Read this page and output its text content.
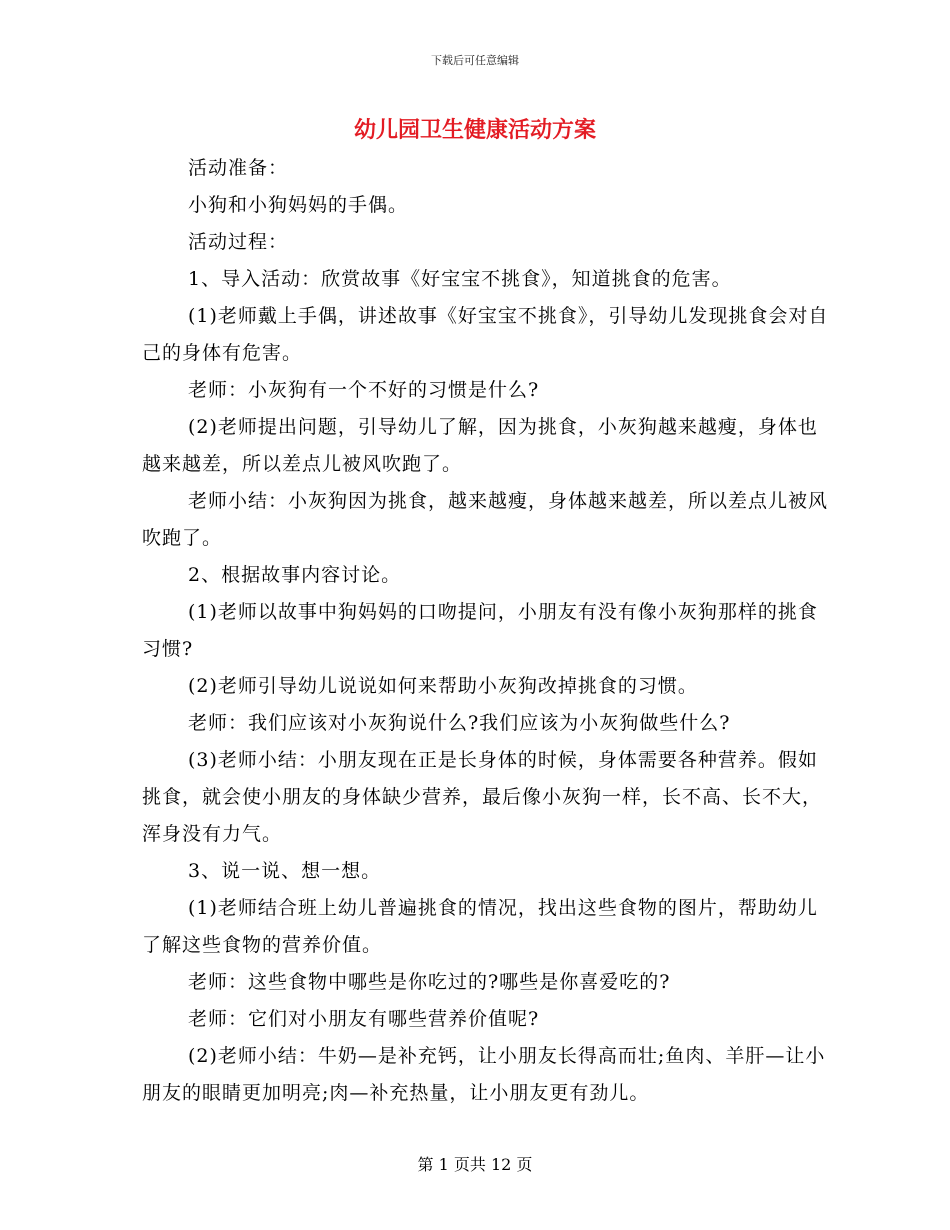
下载后可任意编辑
幼儿园卫生健康活动方案

活动准备：

小狗和小狗妈妈的手偶。

活动过程：

1、导入活动：欣赏故事《好宝宝不挑食》，知道挑食的危害。

(1)老师戴上手偶，讲述故事《好宝宝不挑食》，引导幼儿发现挑食会对自己的身体有危害。

老师：小灰狗有一个不好的习惯是什么?

(2)老师提出问题，引导幼儿了解，因为挑食，小灰狗越来越瘦，身体也越来越差，所以差点儿被风吹跑了。

老师小结：小灰狗因为挑食，越来越瘦，身体越来越差，所以差点儿被风吹跑了。

2、根据故事内容讨论。

(1)老师以故事中狗妈妈的口吻提问，小朋友有没有像小灰狗那样的挑食习惯?

(2)老师引导幼儿说说如何来帮助小灰狗改掉挑食的习惯。

老师：我们应该对小灰狗说什么?我们应该为小灰狗做些什么?

(3)老师小结：小朋友现在正是长身体的时候，身体需要各种营养。假如挑食，就会使小朋友的身体缺少营养，最后像小灰狗一样，长不高、长不大，浑身没有力气。

3、说一说、想一想。

(1)老师结合班上幼儿普遍挑食的情况，找出这些食物的图片，帮助幼儿了解这些食物的营养价值。

老师：这些食物中哪些是你吃过的?哪些是你喜爱吃的?

老师：它们对小朋友有哪些营养价值呢?

(2)老师小结：牛奶—是补充钙，让小朋友长得高而壮;鱼肉、羊肝—让小朋友的眼睛更加明亮;肉—补充热量，让小朋友更有劲儿。

第 1 页共 12 页
